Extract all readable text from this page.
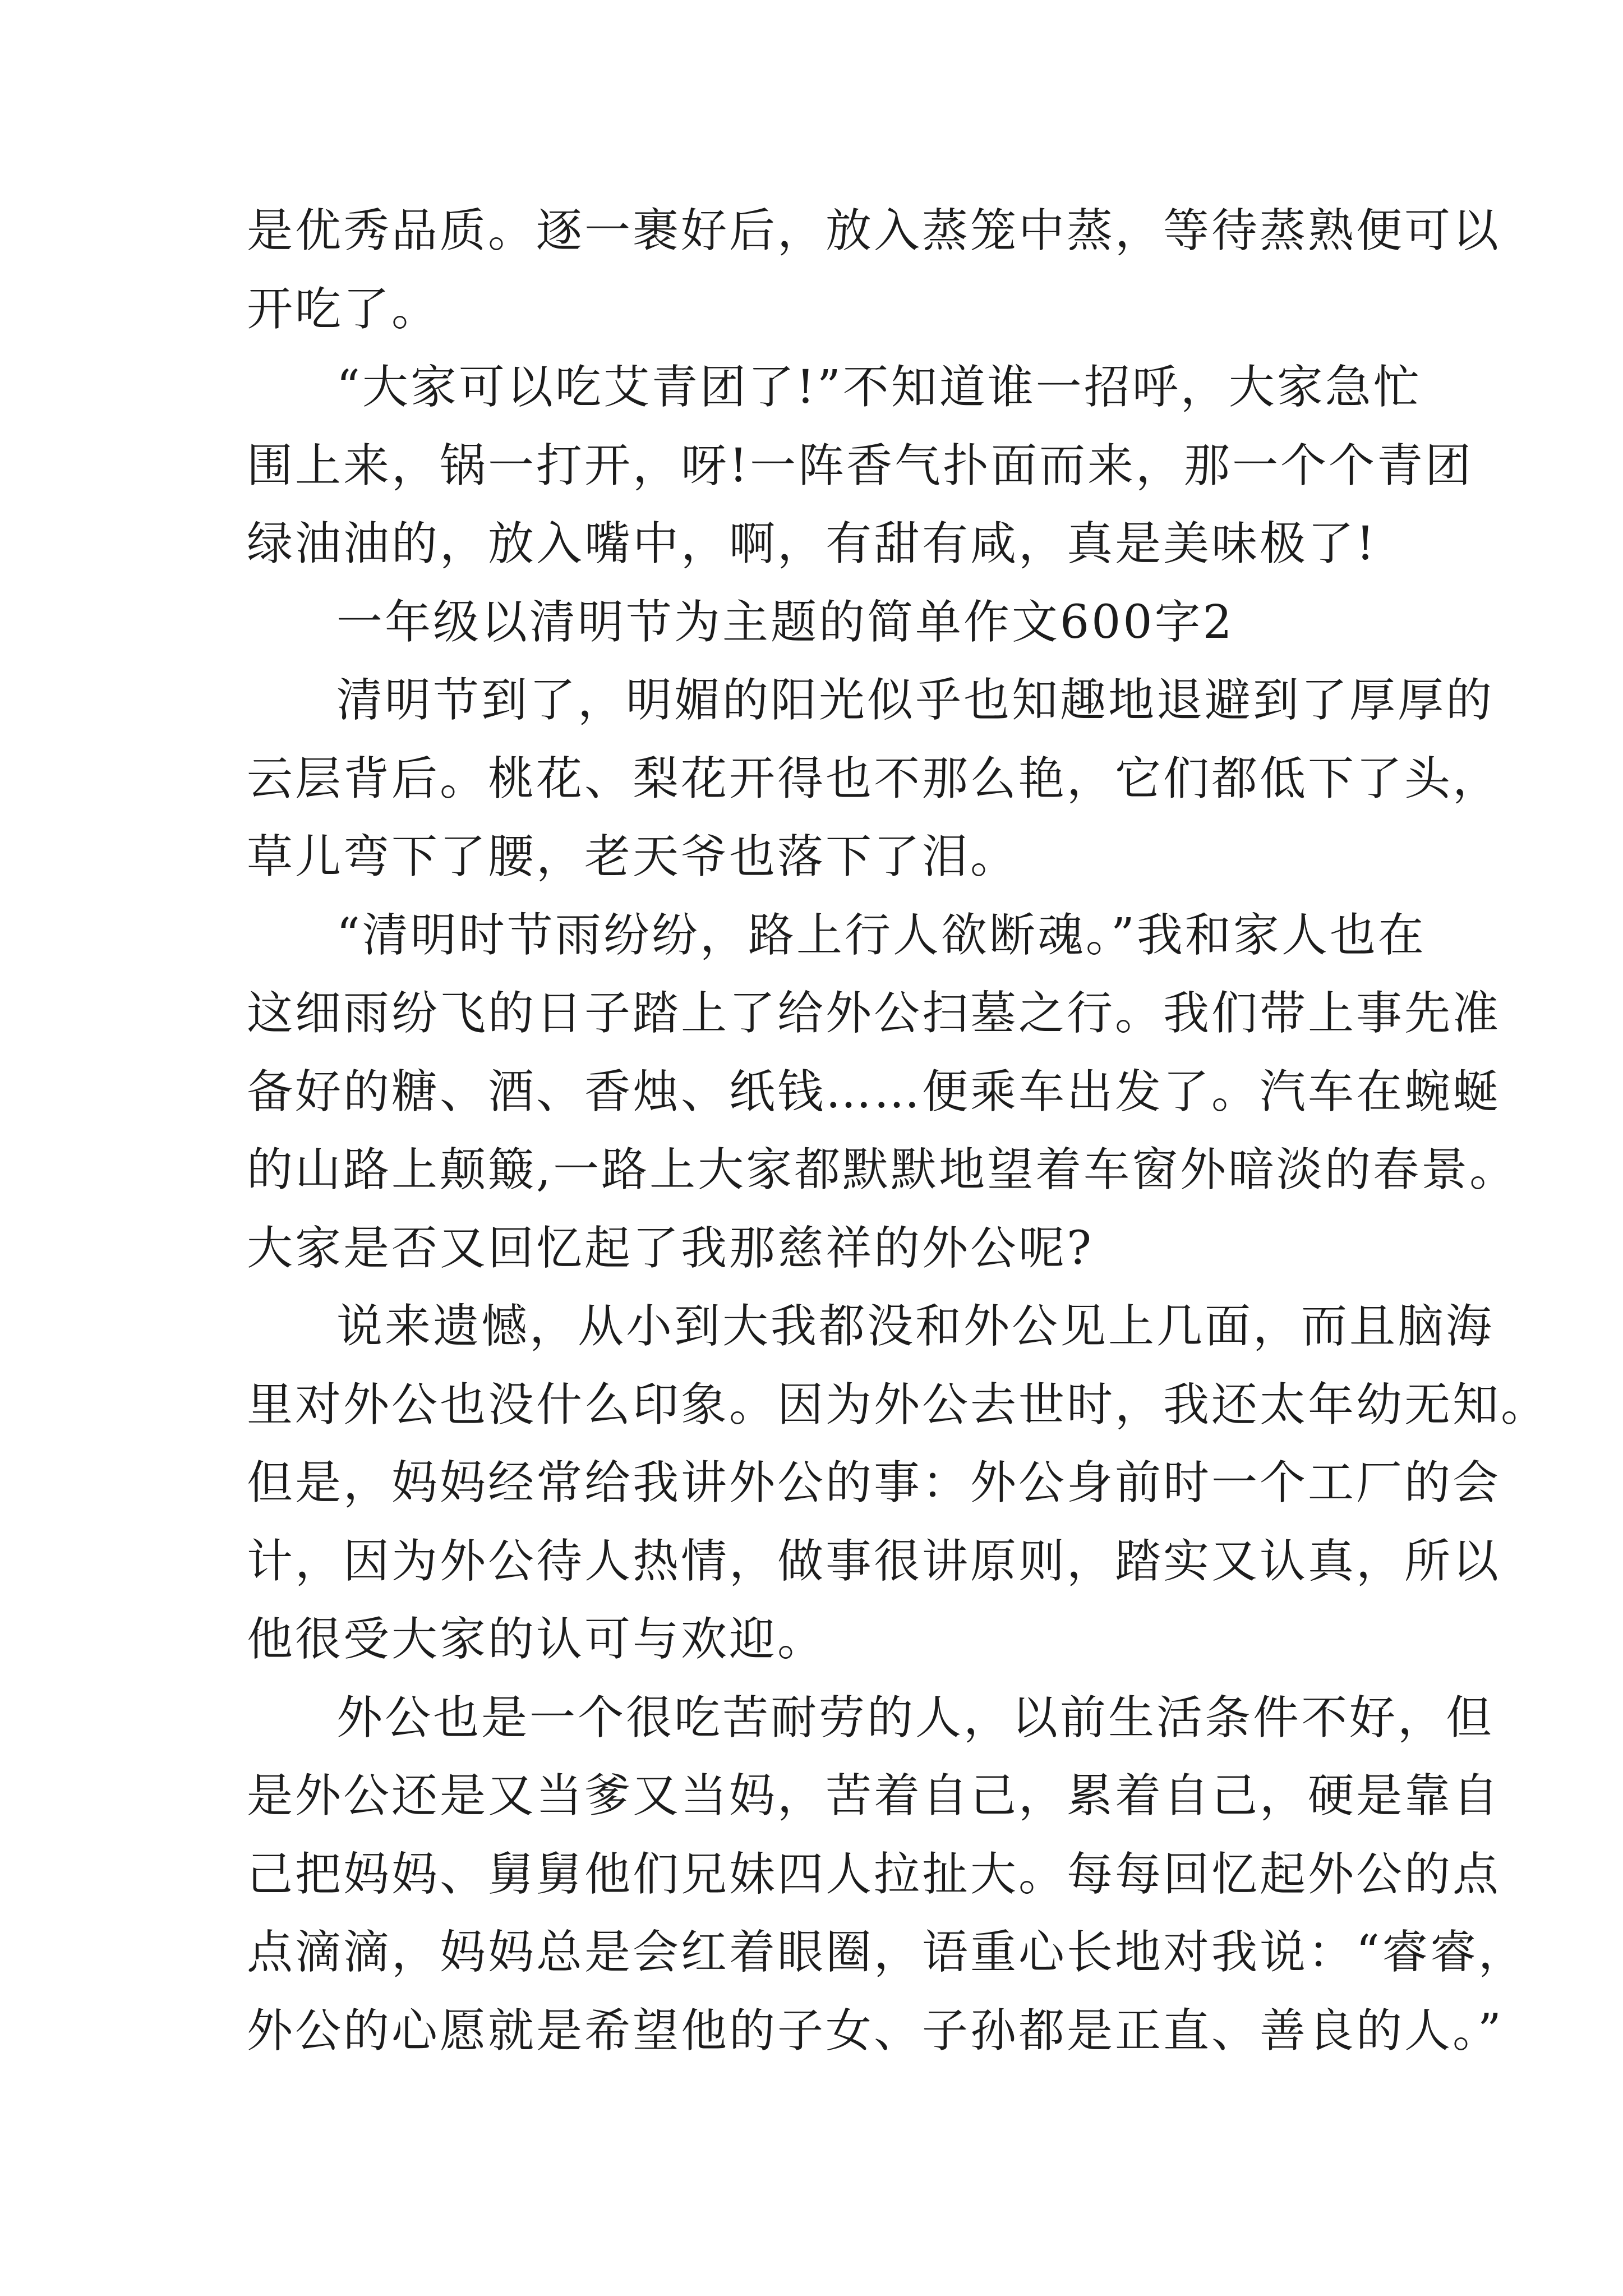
是优秀品质。逐一裹好后，放入蒸笼中蒸，等待蒸熟便可以
开吃了。
“大家可以吃艾青团了!”不知道谁一招呼，大家急忙
围上来，锅一打开，呀!一阵香气扑面而来，那一个个青团
绿油油的，放入嘴中，啊，有甜有咸，真是美味极了!
一年级以清明节为主题的简单作文600字2
清明节到了，明媚的阳光似乎也知趣地退避到了厚厚的
云层背后。桃花、梨花开得也不那么艳，它们都低下了头，
草儿弯下了腰，老天爷也落下了泪。
“清明时节雨纷纷，路上行人欲断魂。”我和家人也在
这细雨纷飞的日子踏上了给外公扫墓之行。我们带上事先准
备好的糖、酒、香烛、纸钱……便乘车出发了。汽车在蜿蜒
的山路上颠簸,一路上大家都默默地望着车窗外暗淡的春景。
大家是否又回忆起了我那慈祥的外公呢?
说来遗憾，从小到大我都没和外公见上几面，而且脑海
里对外公也没什么印象。因为外公去世时，我还太年幼无知。
但是，妈妈经常给我讲外公的事：外公身前时一个工厂的会
计，因为外公待人热情，做事很讲原则，踏实又认真，所以
他很受大家的认可与欢迎。
外公也是一个很吃苦耐劳的人，以前生活条件不好，但
是外公还是又当爹又当妈，苦着自己，累着自己，硬是靠自
己把妈妈、舅舅他们兄妹四人拉扯大。每每回忆起外公的点
点滴滴，妈妈总是会红着眼圈，语重心长地对我说：“睿睿，
外公的心愿就是希望他的子女、子孙都是正直、善良的人。”
